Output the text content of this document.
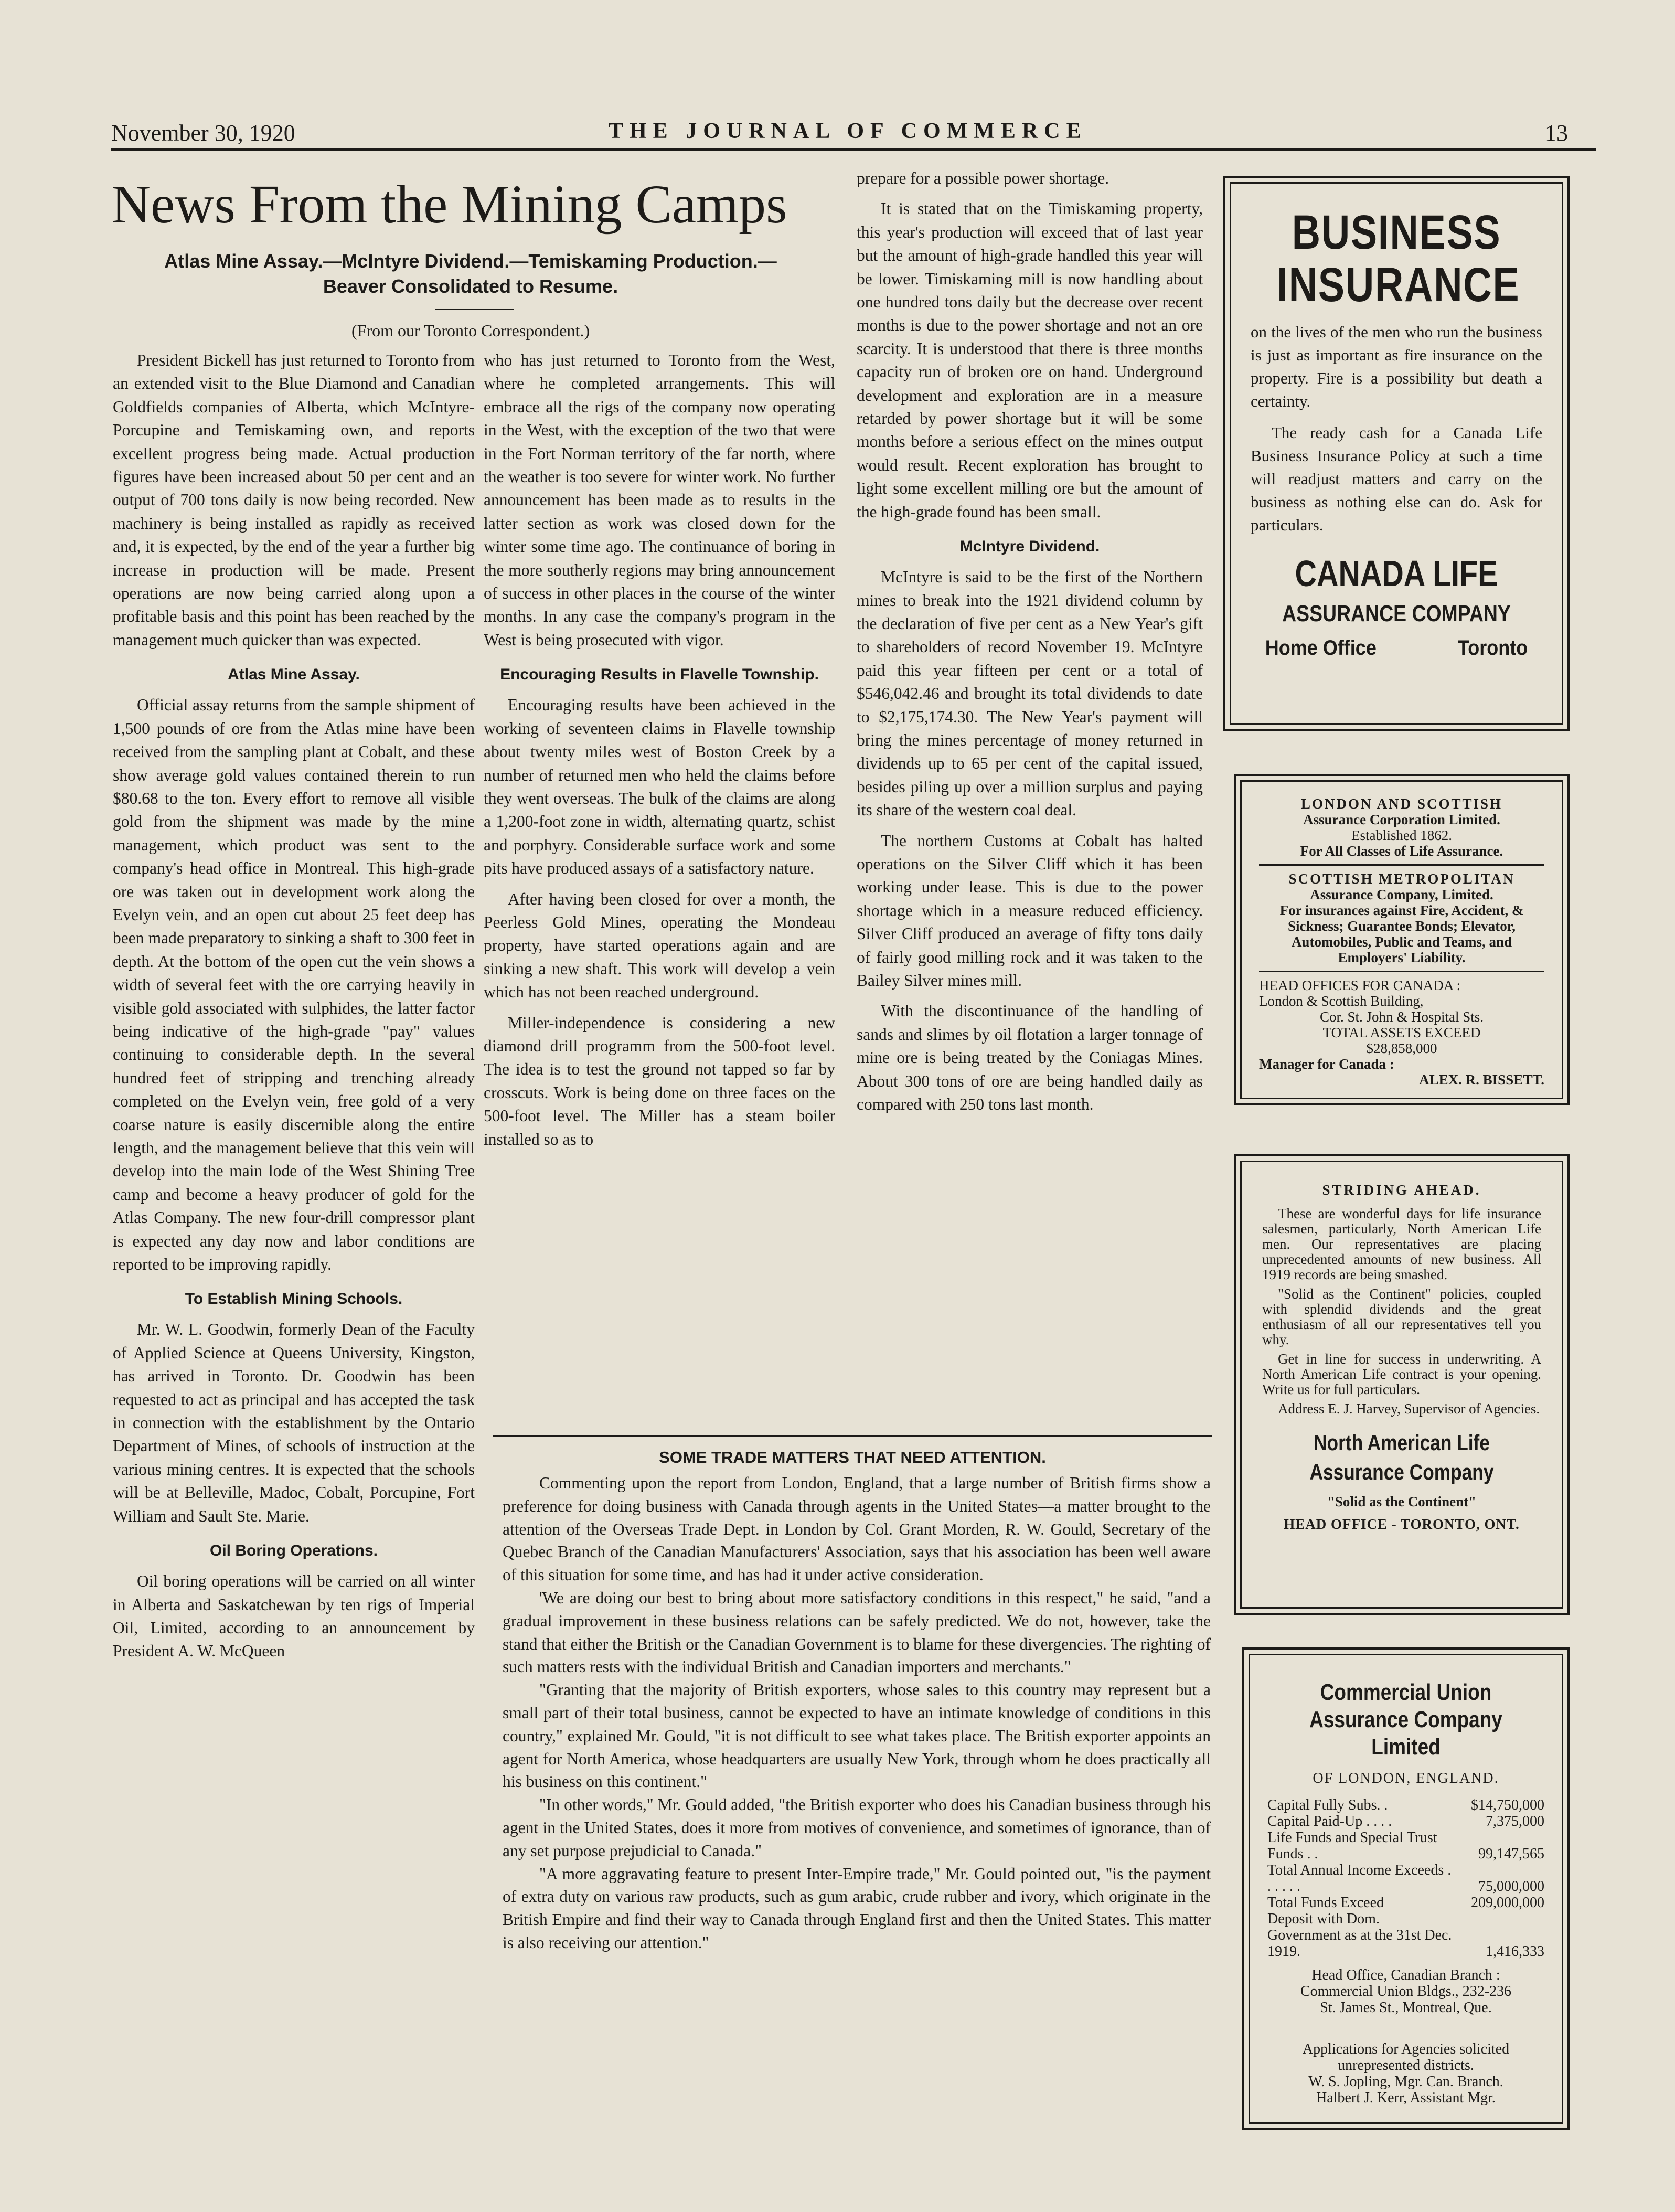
November 30, 1920	THE JOURNAL OF COMMERCE	13
News From the Mining Camps
Atlas Mine Assay.—McIntyre Dividend.—Temiskaming Production.—
Beaver Consolidated to Resume.
(From our Toronto Correspondent.)

President Bickell has just returned to Toronto from an extended visit to the Blue Diamond and Canadian Goldfields companies of Alberta, which McIntyre-Porcupine and Temiskaming own, and reports excellent progress being made. Actual production figures have been increased about 50 per cent and an output of 700 tons daily is now being recorded. New machinery is being installed as rapidly as received and, it is expected, by the end of the year a further big increase in production will be made. Present operations are now being carried along upon a profitable basis and this point has been reached by the management much quicker than was expected.

Atlas Mine Assay.

Official assay returns from the sample shipment of 1,500 pounds of ore from the Atlas mine have been received from the sampling plant at Cobalt, and these show average gold values contained therein to run $80.68 to the ton. Every effort to remove all visible gold from the shipment was made by the mine management, which product was sent to the company's head office in Montreal. This high-grade ore was taken out in development work along the Evelyn vein, and an open cut about 25 feet deep has been made preparatory to sinking a shaft to 300 feet in depth. At the bottom of the open cut the vein shows a width of several feet with the ore carrying heavily in visible gold associated with sulphides, the latter factor being indicative of the high-grade "pay" values continuing to considerable depth. In the several hundred feet of stripping and trenching already completed on the Evelyn vein, free gold of a very coarse nature is easily discernible along the entire length, and the management believe that this vein will develop into the main lode of the West Shining Tree camp and become a heavy producer of gold for the Atlas Company. The new four-drill compressor plant is expected any day now and labor conditions are reported to be improving rapidly.

To Establish Mining Schools.

Mr. W. L. Goodwin, formerly Dean of the Faculty of Applied Science at Queens University, Kingston, has arrived in Toronto. Dr. Goodwin has been requested to act as principal and has accepted the task in connection with the establishment by the Ontario Department of Mines, of schools of instruction at the various mining centres. It is expected that the schools will be at Belleville, Madoc, Cobalt, Porcupine, Fort William and Sault Ste. Marie.

Oil Boring Operations.

Oil boring operations will be carried on all winter in Alberta and Saskatchewan by ten rigs of Imperial Oil, Limited, according to an announcement by President A. W. McQueen

who has just returned to Toronto from the West, where he completed arrangements. This will embrace all the rigs of the company now operating in the West, with the exception of the two that were in the Fort Norman territory of the far north, where the weather is too severe for winter work. No further announcement has been made as to results in the latter section as work was closed down for the winter some time ago. The continuance of boring in the more southerly regions may bring announcement of success in other places in the course of the winter months. In any case the company's program in the West is being prosecuted with vigor.

Encouraging Results in Flavelle Township.

Encouraging results have been achieved in the working of seventeen claims in Flavelle township about twenty miles west of Boston Creek by a number of returned men who held the claims before they went overseas. The bulk of the claims are along a 1,200-foot zone in width, alternating quartz, schist and porphyry. Considerable surface work and some pits have produced assays of a satisfactory nature.

After having been closed for over a month, the Peerless Gold Mines, operating the Mondeau property, have started operations again and are sinking a new shaft. This work will develop a vein which has not been reached underground.

Miller-independence is considering a new diamond drill programm from the 500-foot level. The idea is to test the ground not tapped so far by crosscuts. Work is being done on three faces on the 500-foot level. The Miller has a steam boiler installed so as to

prepare for a possible power shortage.

It is stated that on the Timiskaming property, this year's production will exceed that of last year but the amount of high-grade handled this year will be lower. Timiskaming mill is now handling about one hundred tons daily but the decrease over recent months is due to the power shortage and not an ore scarcity. It is understood that there is three months capacity run of broken ore on hand. Underground development and exploration are in a measure retarded by power shortage but it will be some months before a serious effect on the mines output would result. Recent exploration has brought to light some excellent milling ore but the amount of the high-grade found has been small.

McIntyre Dividend.

McIntyre is said to be the first of the Northern mines to break into the 1921 dividend column by the declaration of five per cent as a New Year's gift to shareholders of record November 19. McIntyre paid this year fifteen per cent or a total of $546,042.46 and brought its total dividends to date to $2,175,174.30. The New Year's payment will bring the mines percentage of money returned in dividends up to 65 per cent of the capital issued, besides piling up over a million surplus and paying its share of the western coal deal.

The northern Customs at Cobalt has halted operations on the Silver Cliff which it has been working under lease. This is due to the power shortage which in a measure reduced efficiency. Silver Cliff produced an average of fifty tons daily of fairly good milling rock and it was taken to the Bailey Silver mines mill.

With the discontinuance of the handling of sands and slimes by oil flotation a larger tonnage of mine ore is being treated by the Coniagas Mines. About 300 tons of ore are being handled daily as compared with 250 tons last month.

SOME TRADE MATTERS THAT NEED ATTENTION.

Commenting upon the report from London, England, that a large number of British firms show a preference for doing business with Canada through agents in the United States—a matter brought to the attention of the Overseas Trade Dept. in London by Col. Grant Morden, R. W. Gould, Secretary of the Quebec Branch of the Canadian Manufacturers' Association, says that his association has been well aware of this situation for some time, and has had it under active consideration.

'We are doing our best to bring about more satisfactory conditions in this respect," he said, "and a gradual improvement in these business relations can be safely predicted. We do not, however, take the stand that either the British or the Canadian Government is to blame for these divergencies. The righting of such matters rests with the individual British and Canadian importers and merchants."

"Granting that the majority of British exporters, whose sales to this country may represent but a small part of their total business, cannot be expected to have an intimate knowledge of conditions in this country," explained Mr. Gould, "it is not difficult to see what takes place. The British exporter appoints an agent for North America, whose headquarters are usually New York, through whom he does practically all his business on this continent."

"In other words," Mr. Gould added, "the British exporter who does his Canadian business through his agent in the United States, does it more from motives of convenience, and sometimes of ignorance, than of any set purpose prejudicial to Canada."

"A more aggravating feature to present Inter-Empire trade," Mr. Gould pointed out, "is the payment of extra duty on various raw products, such as gum arabic, crude rubber and ivory, which originate in the British Empire and find their way to Canada through England first and then the United States. This matter is also receiving our attention."

BUSINESS
INSURANCE

on the lives of the men who run the business is just as important as fire insurance on the property. Fire is a possibility but death a certainty.

The ready cash for a Canada Life Business Insurance Policy at such a time will readjust matters and carry on the business as nothing else can do. Ask for particulars.

CANADA LIFE
ASSURANCE COMPANY
Home Office	Toronto
LONDON AND SCOTTISH
Assurance Corporation Limited.
Established 1862.
For All Classes of Life Assurance.
SCOTTISH METROPOLITAN
Assurance Company, Limited.
For insurances against Fire, Accident, & Sickness; Guarantee Bonds; Elevator, Automobiles, Public and Teams, and Employers' Liability.
HEAD OFFICES FOR CANADA :
London & Scottish Building,
Cor. St. John & Hospital Sts.
TOTAL ASSETS EXCEED
$28,858,000
Manager for Canada :
ALEX. R. BISSETT.
STRIDING AHEAD.

These are wonderful days for life insurance salesmen, particularly, North American Life men. Our representatives are placing unprecedented amounts of new business. All 1919 records are being smashed.

"Solid as the Continent" policies, coupled with splendid dividends and the great enthusiasm of all our representatives tell you why.

Get in line for success in underwriting. A North American Life contract is your opening. Write us for full particulars.

Address E. J. Harvey, Supervisor of Agencies.

North American Life Assurance Company
"Solid as the Continent"
HEAD OFFICE - TORONTO, ONT.
Commercial Union Assurance Company Limited
OF LONDON, ENGLAND.
Capital Fully Subs. .	$14,750,000
Capital Paid-Up . . . .	7,375,000
Life Funds and Special Trust Funds . .	99,147,565
Total Annual Income Exceeds . . . . . .	75,000,000
Total Funds Exceed	209,000,000
Deposit with Dom. Government as at the 31st Dec. 1919.	1,416,333
Head Office, Canadian Branch :
Commercial Union Bldgs., 232-236
St. James St., Montreal, Que.
Applications for Agencies solicited unrepresented districts.
W. S. Jopling, Mgr. Can. Branch.
Halbert J. Kerr, Assistant Mgr.
